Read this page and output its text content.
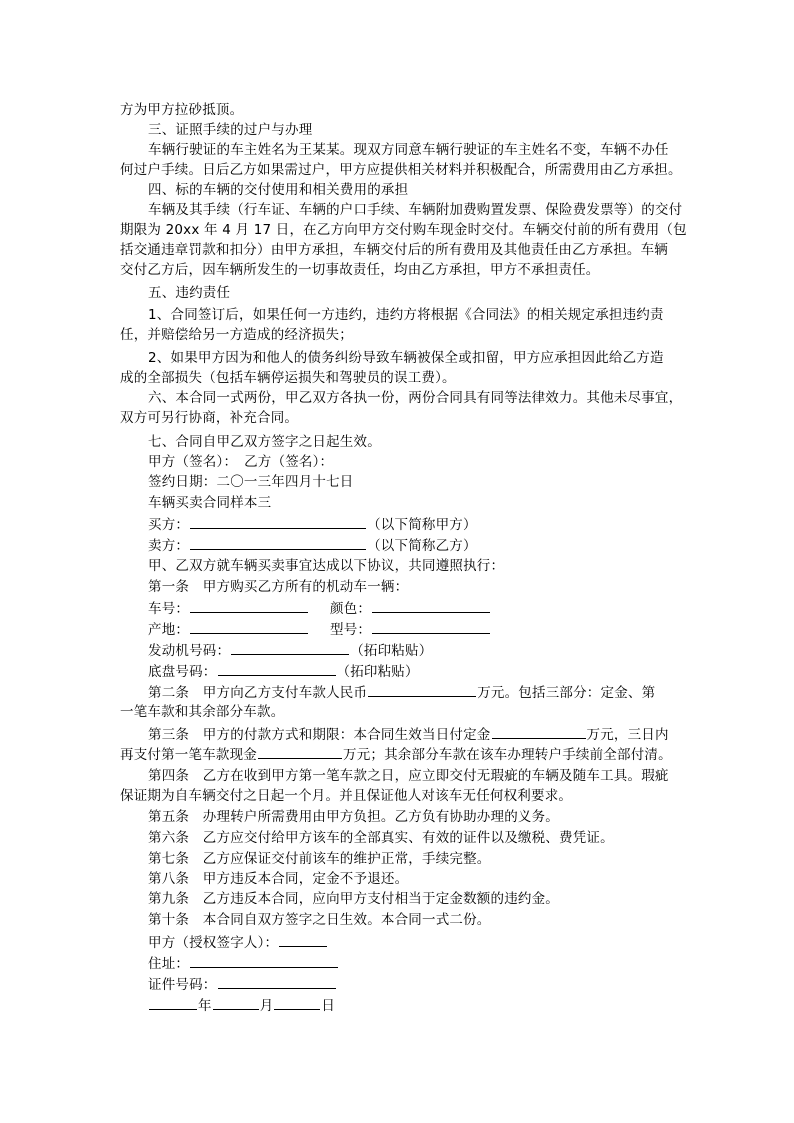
方为甲方拉砂抵顶。
三、证照手续的过户与办理
车辆行驶证的车主姓名为王某某。现双方同意车辆行驶证的车主姓名不变，车辆不办任
何过户手续。日后乙方如果需过户，甲方应提供相关材料并积极配合，所需费用由乙方承担。
四、标的车辆的交付使用和相关费用的承担
车辆及其手续（行车证、车辆的户口手续、车辆附加费购置发票、保险费发票等）的交付
期限为 20xx 年 4 月 17 日，在乙方向甲方交付购车现金时交付。车辆交付前的所有费用（包
括交通违章罚款和扣分）由甲方承担，车辆交付后的所有费用及其他责任由乙方承担。车辆
交付乙方后，因车辆所发生的一切事故责任，均由乙方承担，甲方不承担责任。
五、违约责任
1、合同签订后，如果任何一方违约，违约方将根据《合同法》的相关规定承担违约责
任，并赔偿给另一方造成的经济损失；
2、如果甲方因为和他人的债务纠纷导致车辆被保全或扣留，甲方应承担因此给乙方造
成的全部损失（包括车辆停运损失和驾驶员的误工费）。
六、本合同一式两份，甲乙双方各执一份，两份合同具有同等法律效力。其他未尽事宜，
双方可另行协商，补充合同。
七、合同自甲乙双方签字之日起生效。
甲方（签名）：　乙方（签名）：
签约日期：二〇一三年四月十七日
车辆买卖合同样本三
买方：	（以下简称甲方）
卖方：	（以下简称乙方）
甲、乙双方就车辆买卖事宜达成以下协议，共同遵照执行：
第一条　甲方购买乙方所有的机动车一辆：
车号：	颜色：
产地：	型号：
发动机号码：	（拓印粘贴）
底盘号码：	（拓印粘贴）
第二条　甲方向乙方支付车款人民币	万元。包括三部分：定金、第
一笔车款和其余部分车款。
第三条　甲方的付款方式和期限：本合同生效当日付定金	万元，三日内
再支付第一笔车款现金	万元；其余部分车款在该车办理转户手续前全部付清。
第四条　乙方在收到甲方第一笔车款之日，应立即交付无瑕疵的车辆及随车工具。瑕疵
保证期为自车辆交付之日起一个月。并且保证他人对该车无任何权利要求。
第五条　办理转户所需费用由甲方负担。乙方负有协助办理的义务。
第六条　乙方应交付给甲方该车的全部真实、有效的证件以及缴税、费凭证。
第七条　乙方应保证交付前该车的维护正常，手续完整。
第八条　甲方违反本合同，定金不予退还。
第九条　乙方违反本合同，应向甲方支付相当于定金数额的违约金。
第十条　本合同自双方签字之日生效。本合同一式二份。
甲方（授权签字人）：
住址：
证件号码：
年	月	日
